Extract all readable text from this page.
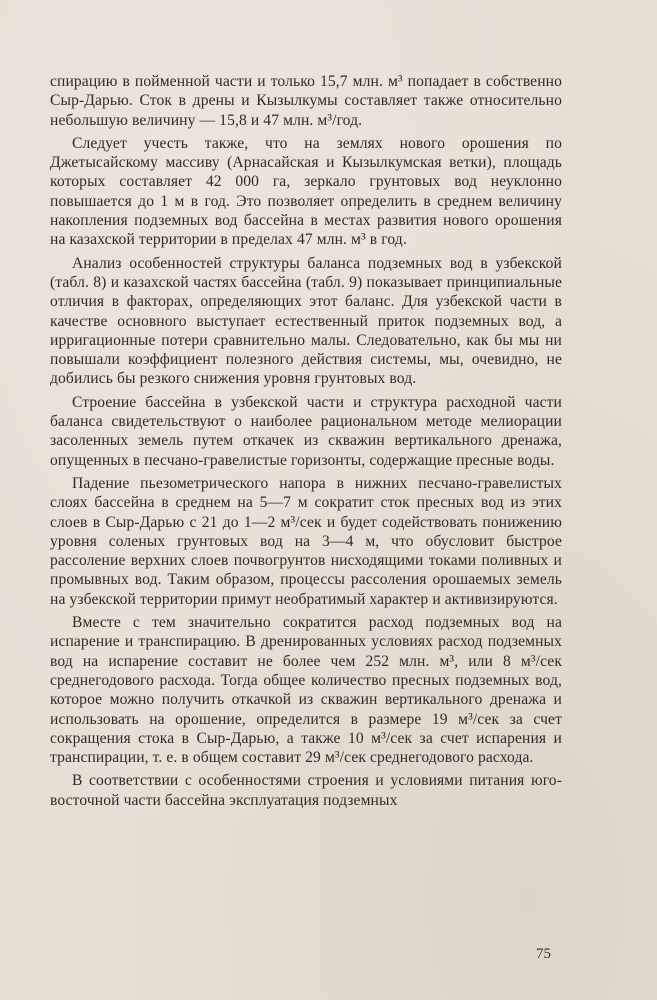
спирацию в пойменной части и только 15,7 млн. м³ попадает в собственно Сыр-Дарью. Сток в дрены и Кызылкумы составляет также относительно небольшую величину — 15,8 и 47 млн. м³/год.

Следует учесть также, что на землях нового орошения по Джетысайскому массиву (Арнасайская и Кызылкумская ветки), площадь которых составляет 42 000 га, зеркало грунтовых вод неуклонно повышается до 1 м в год. Это позволяет определить в среднем величину накопления подземных вод бассейна в местах развития нового орошения на казахской территории в пределах 47 млн. м³ в год.

Анализ особенностей структуры баланса подземных вод в узбекской (табл. 8) и казахской частях бассейна (табл. 9) показывает принципиальные отличия в факторах, определяющих этот баланс. Для узбекской части в качестве основного выступает естественный приток подземных вод, а ирригационные потери сравнительно малы. Следовательно, как бы мы ни повышали коэффициент полезного действия системы, мы, очевидно, не добились бы резкого снижения уровня грунтовых вод.

Строение бассейна в узбекской части и структура расходной части баланса свидетельствуют о наиболее рациональном методе мелиорации засоленных земель путем откачек из скважин вертикального дренажа, опущенных в песчано-гравелистые горизонты, содержащие пресные воды.

Падение пьезометрического напора в нижних песчано-гравелистых слоях бассейна в среднем на 5—7 м сократит сток пресных вод из этих слоев в Сыр-Дарью с 21 до 1—2 м³/сек и будет содействовать понижению уровня соленых грунтовых вод на 3—4 м, что обусловит быстрое рассоление верхних слоев почвогрунтов нисходящими токами поливных и промывных вод. Таким образом, процессы рассоления орошаемых земель на узбекской территории примут необратимый характер и активизируются.

Вместе с тем значительно сократится расход подземных вод на испарение и транспирацию. В дренированных условиях расход подземных вод на испарение составит не более чем 252 млн. м³, или 8 м³/сек среднегодового расхода. Тогда общее количество пресных подземных вод, которое можно получить откачкой из скважин вертикального дренажа и использовать на орошение, определится в размере 19 м³/сек за счет сокращения стока в Сыр-Дарью, а также 10 м³/сек за счет испарения и транспирации, т. е. в общем составит 29 м³/сек среднегодового расхода.

В соответствии с особенностями строения и условиями питания юго-восточной части бассейна эксплуатация подземных

75
